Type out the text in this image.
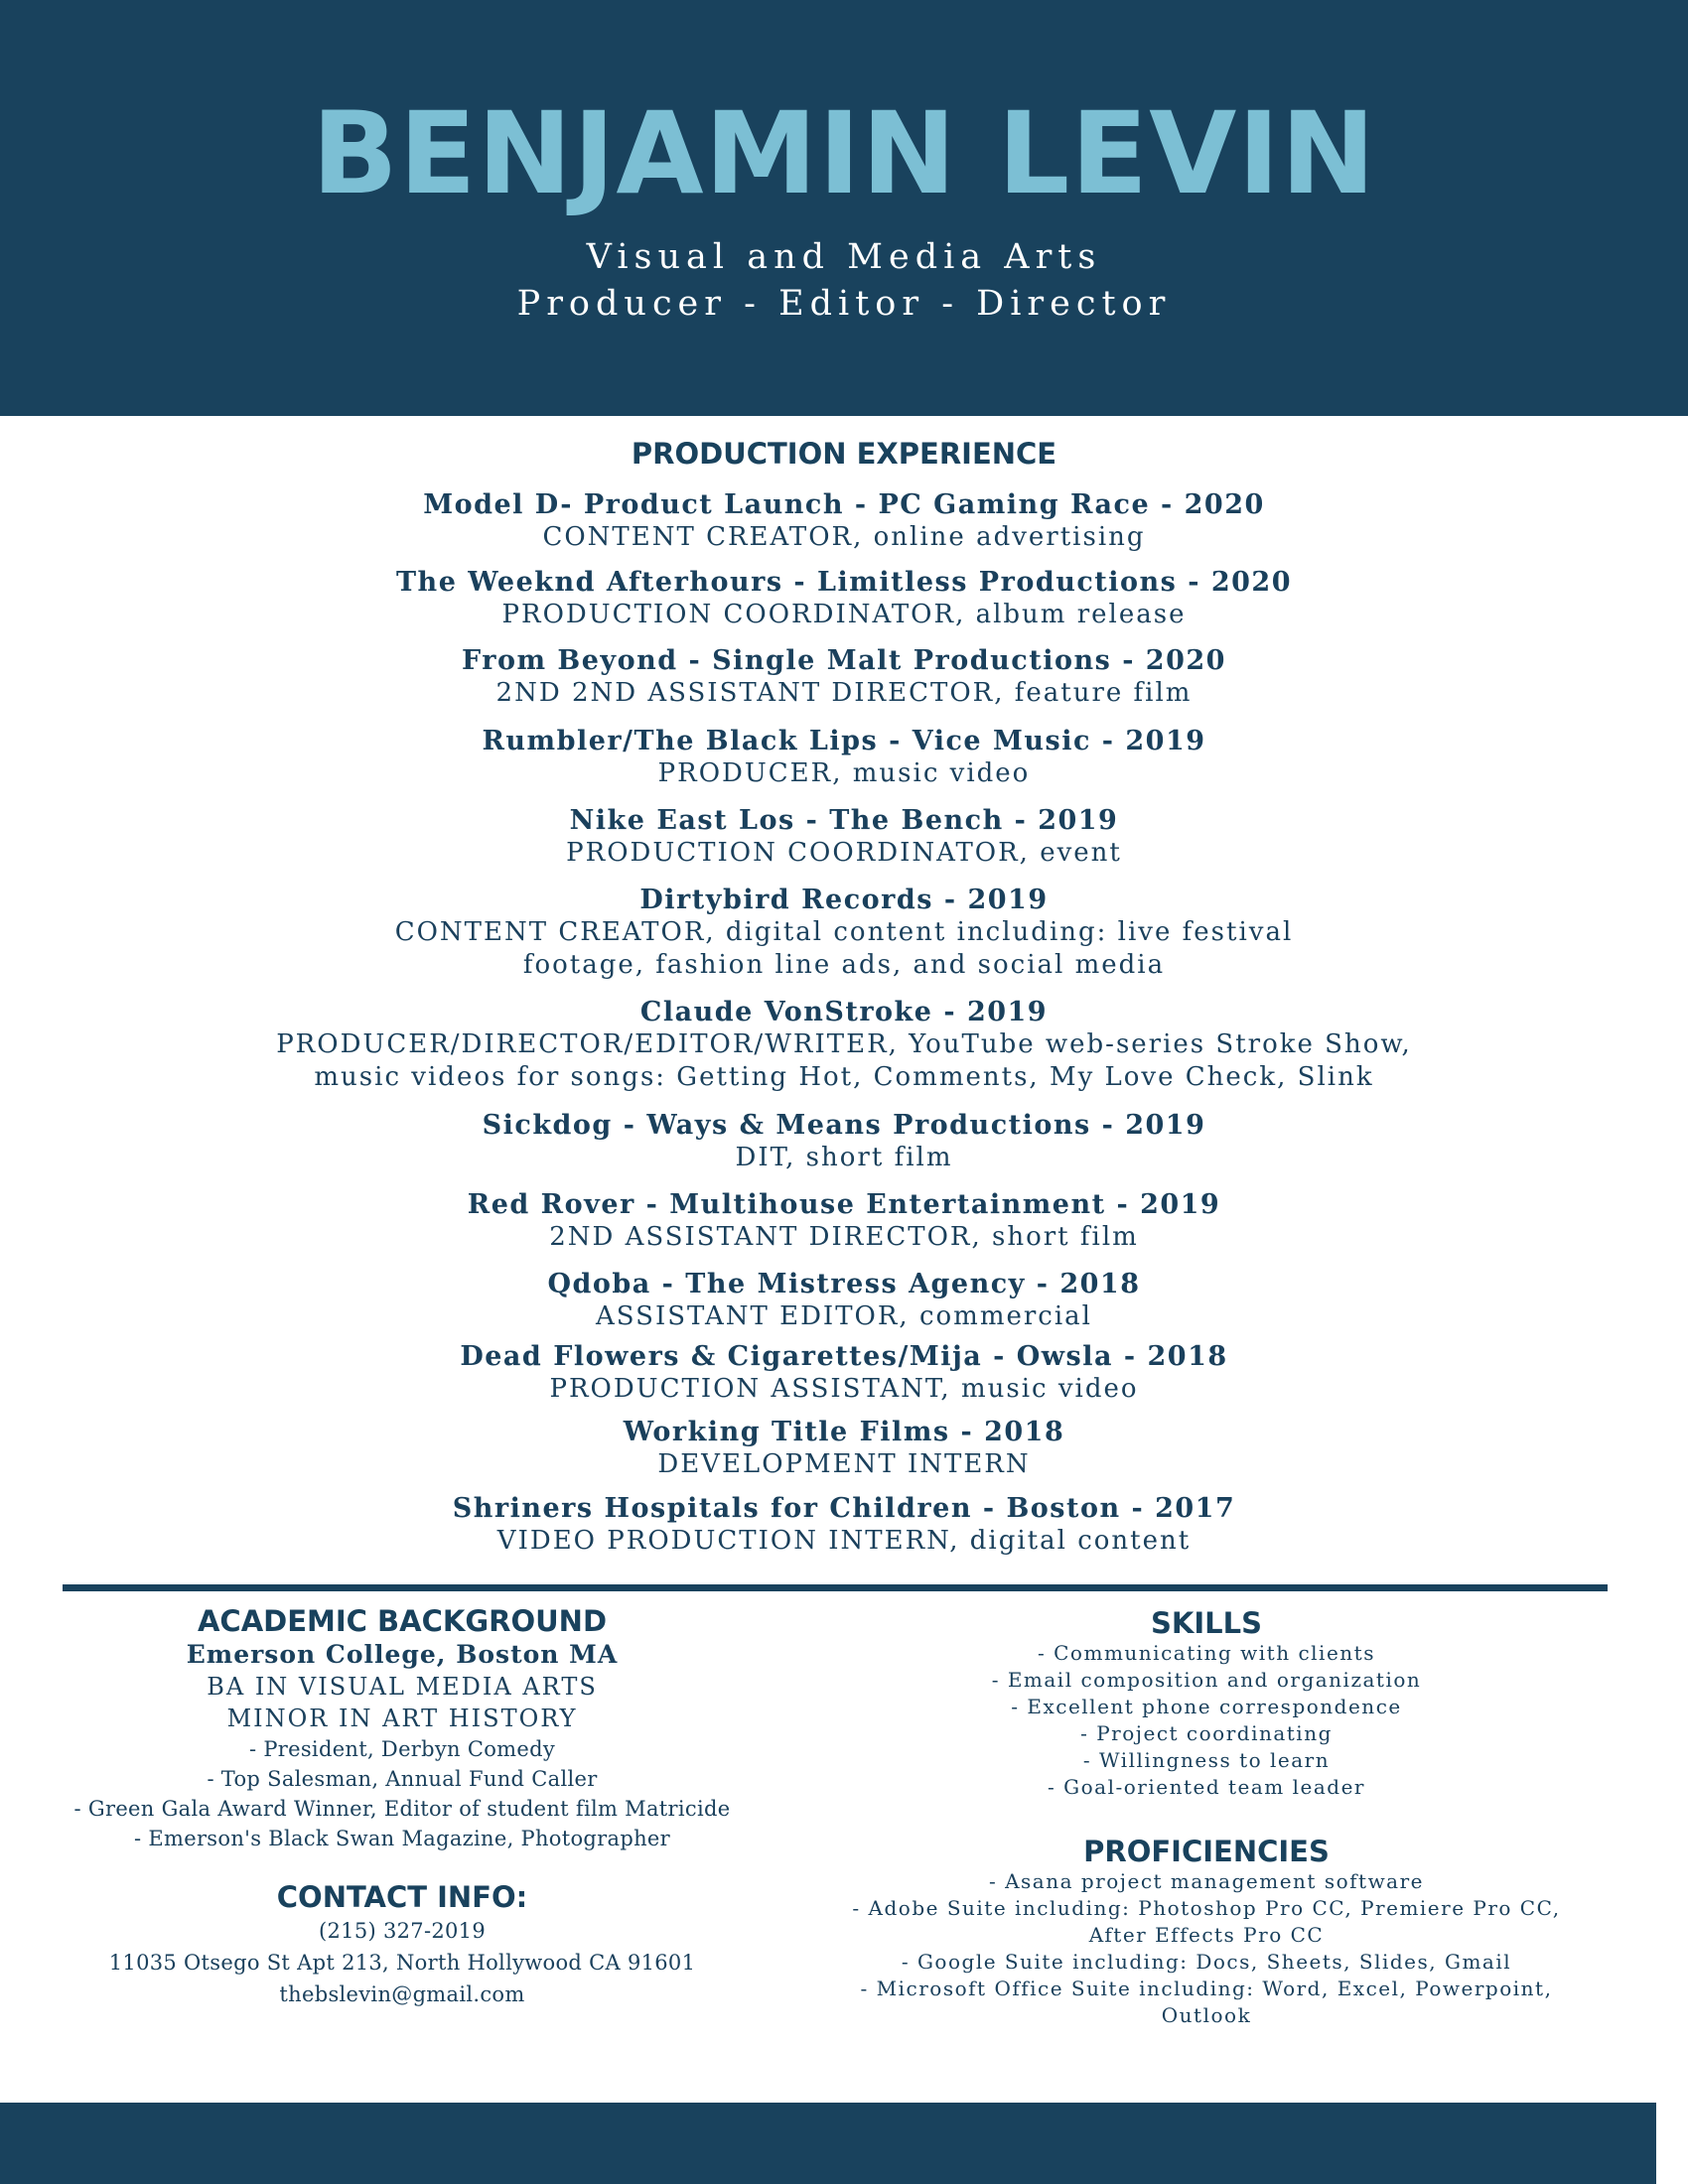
BENJAMIN LEVIN
Visual and Media Arts
Producer - Editor - Director
PRODUCTION EXPERIENCE
Model D- Product Launch - PC Gaming Race - 2020
CONTENT CREATOR, online advertising
The Weeknd Afterhours - Limitless Productions - 2020
PRODUCTION COORDINATOR, album release
From Beyond - Single Malt Productions - 2020
2ND 2ND ASSISTANT DIRECTOR, feature film
Rumbler/The Black Lips - Vice Music - 2019
PRODUCER, music video
Nike East Los - The Bench - 2019
PRODUCTION COORDINATOR, event
Dirtybird Records - 2019
CONTENT CREATOR, digital content including: live festival
footage, fashion line ads, and social media
Claude VonStroke - 2019
PRODUCER/DIRECTOR/EDITOR/WRITER, YouTube web-series Stroke Show,
music videos for songs: Getting Hot, Comments, My Love Check, Slink
Sickdog - Ways & Means Productions - 2019
DIT, short film
Red Rover - Multihouse Entertainment - 2019
2ND ASSISTANT DIRECTOR, short film
Qdoba - The Mistress Agency - 2018
ASSISTANT EDITOR, commercial
Dead Flowers & Cigarettes/Mija - Owsla - 2018
PRODUCTION ASSISTANT, music video
Working Title Films - 2018
DEVELOPMENT INTERN
Shriners Hospitals for Children - Boston - 2017
VIDEO PRODUCTION INTERN, digital content
ACADEMIC BACKGROUND
Emerson College, Boston MA
BA IN VISUAL MEDIA ARTS
MINOR IN ART HISTORY
- President, Derbyn Comedy
- Top Salesman, Annual Fund Caller
- Green Gala Award Winner, Editor of student film Matricide
- Emerson's Black Swan Magazine, Photographer
CONTACT INFO:
(215) 327-2019
11035 Otsego St Apt 213, North Hollywood CA 91601
thebslevin@gmail.com
SKILLS
- Communicating with clients
- Email composition and organization
- Excellent phone correspondence
- Project coordinating
- Willingness to learn
- Goal-oriented team leader
PROFICIENCIES
- Asana project management software
- Adobe Suite including: Photoshop Pro CC, Premiere Pro CC,
After Effects Pro CC
- Google Suite including: Docs, Sheets, Slides, Gmail
- Microsoft Office Suite including: Word, Excel, Powerpoint,
Outlook
